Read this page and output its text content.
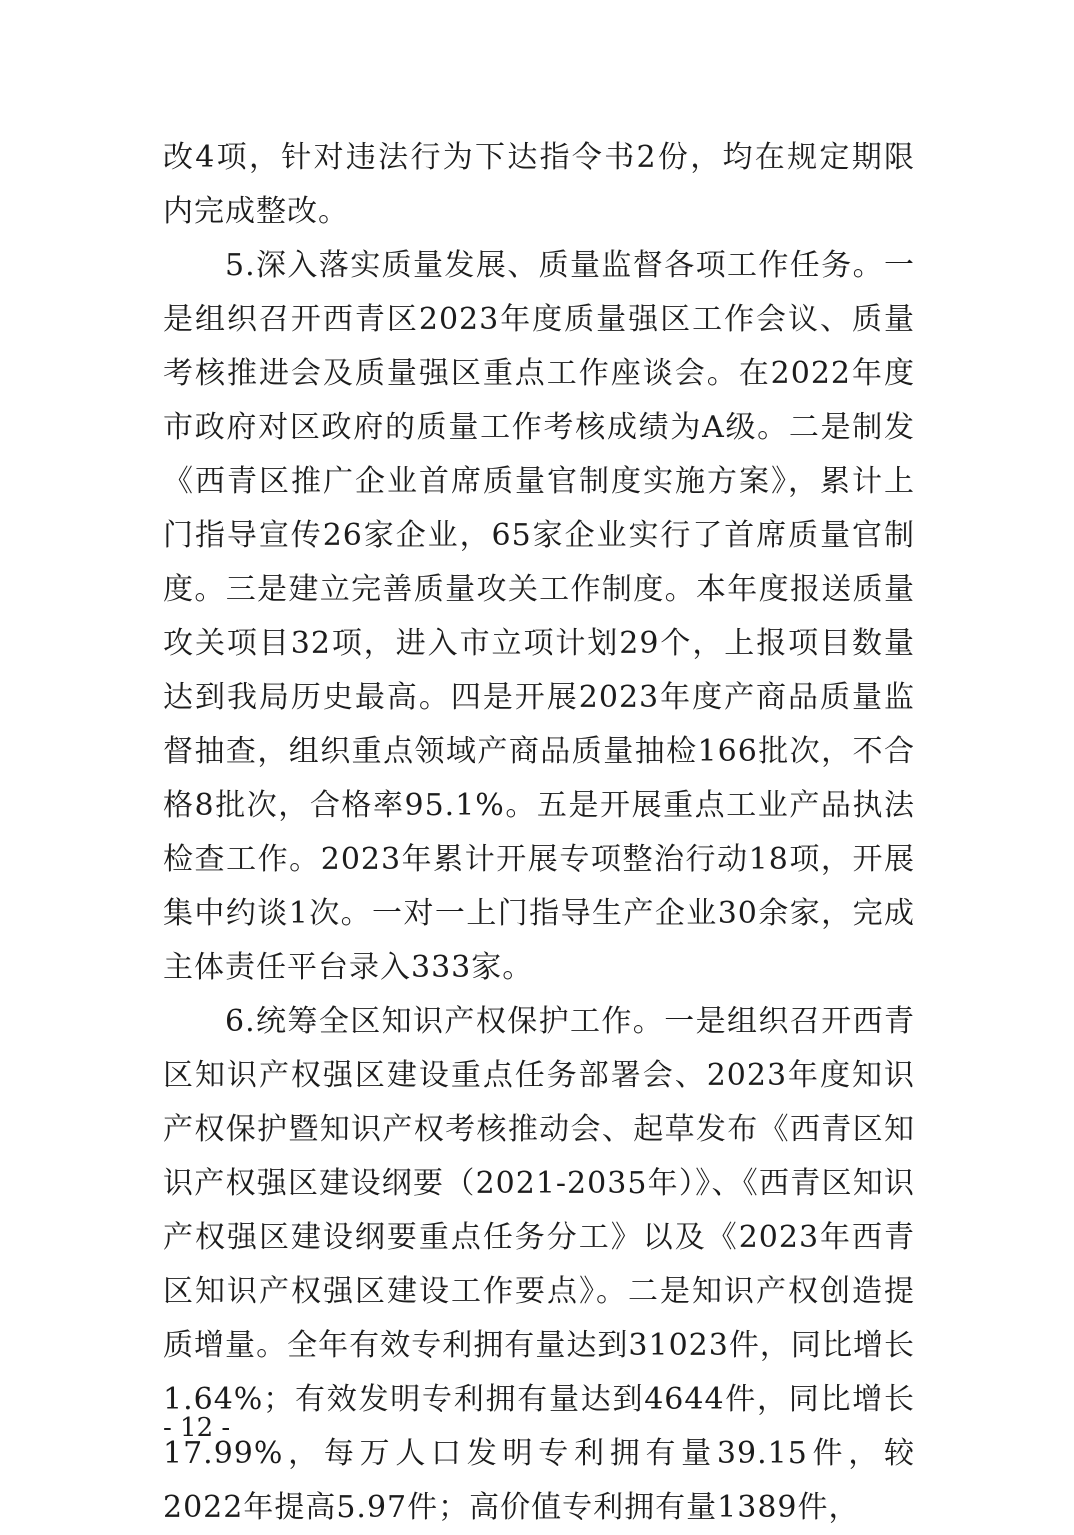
改4项，针对违法行为下达指令书2份，均在规定期限内完成整改。

5.深入落实质量发展、质量监督各项工作任务。一是组织召开西青区2023年度质量强区工作会议、质量考核推进会及质量强区重点工作座谈会。在2022年度市政府对区政府的质量工作考核成绩为A级。二是制发《西青区推广企业首席质量官制度实施方案》，累计上门指导宣传26家企业，65家企业实行了首席质量官制度。三是建立完善质量攻关工作制度。本年度报送质量攻关项目32项，进入市立项计划29个，上报项目数量达到我局历史最高。四是开展2023年度产商品质量监督抽查，组织重点领域产商品质量抽检166批次，不合格8批次，合格率95.1%。五是开展重点工业产品执法检查工作。2023年累计开展专项整治行动18项，开展集中约谈1次。一对一上门指导生产企业30余家，完成主体责任平台录入333家。

6.统筹全区知识产权保护工作。一是组织召开西青区知识产权强区建设重点任务部署会、2023年度知识产权保护暨知识产权考核推动会、起草发布《西青区知识产权强区建设纲要（2021-2035年）》、《西青区知识产权强区建设纲要重点任务分工》以及《2023年西青区知识产权强区建设工作要点》。二是知识产权创造提质增量。全年有效专利拥有量达到31023件，同比增长1.64%；有效发明专利拥有量达到4644件，同比增长17.99%，每万人口发明专利拥有量39.15件，较2022年提高5.97件；高价值专利拥有量1389件，

- 12 -
